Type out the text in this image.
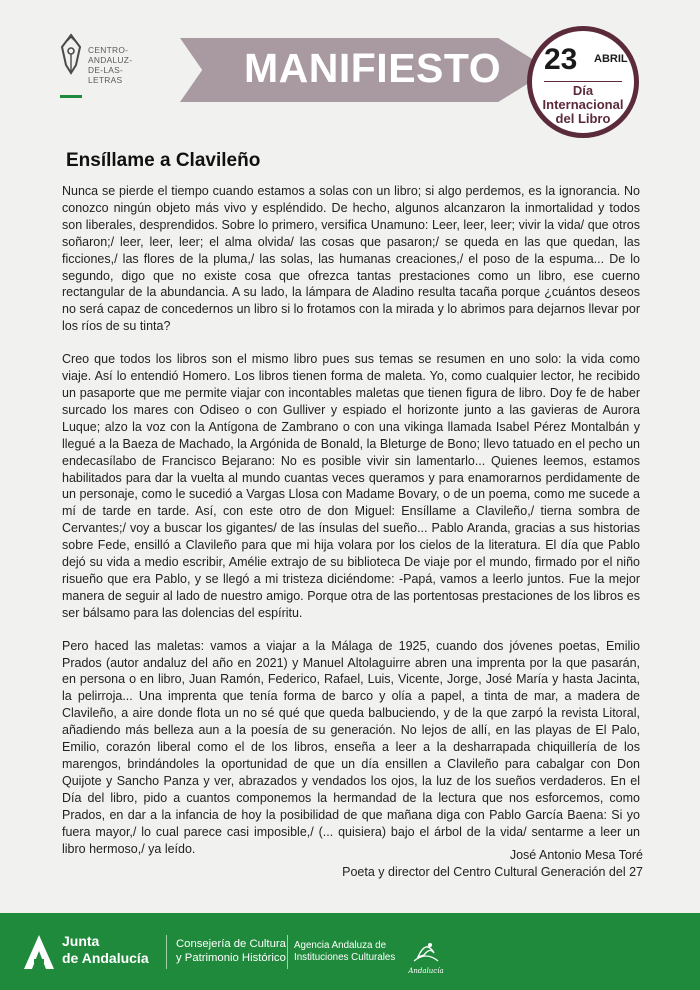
CENTRO-
ANDALUZ-
DE-LAS-
LETRAS	MANIFIESTO 23 ABRIL
Día Internacional del Libro
Ensíllame a Clavileño

Nunca se pierde el tiempo cuando estamos a solas con un libro; si algo perdemos, es la ignorancia. No conozco ningún objeto más vivo y espléndido. De hecho, algunos alcanzaron la inmortalidad y todos son liberales, desprendidos. Sobre lo primero, versifica Unamuno: Leer, leer, leer; vivir la vida/ que otros soñaron;/ leer, leer, leer; el alma olvida/ las cosas que pasaron;/ se queda en las que quedan, las ficciones,/ las flores de la pluma,/ las solas, las humanas creaciones,/ el poso de la espuma... De lo segundo, digo que no existe cosa que ofrezca tantas prestaciones como un libro, ese cuerno rectangular de la abundancia. A su lado, la lámpara de Aladino resulta tacaña porque ¿cuántos deseos no será capaz de concedernos un libro si lo frotamos con la mirada y lo abrimos para dejarnos llevar por los ríos de su tinta?

Creo que todos los libros son el mismo libro pues sus temas se resumen en uno solo: la vida como viaje. Así lo entendió Homero. Los libros tienen forma de maleta. Yo, como cualquier lector, he recibido un pasaporte que me permite viajar con incontables maletas que tienen figura de libro. Doy fe de haber surcado los mares con Odiseo o con Gulliver y espiado el horizonte junto a las gavieras de Aurora Luque; alzo la voz con la Antígona de Zambrano o con una vikinga llamada Isabel Pérez Montalbán y llegué a la Baeza de Machado, la Argónida de Bonald, la Bleturge de Bono; llevo tatuado en el pecho un endecasílabo de Francisco Bejarano: No es posible vivir sin lamentarlo... Quienes leemos, estamos habilitados para dar la vuelta al mundo cuantas veces queramos y para enamorarnos perdidamente de un personaje, como le sucedió a Vargas Llosa con Madame Bovary, o de un poema, como me sucede a mí de tarde en tarde. Así, con este otro de don Miguel: Ensíllame a Clavileño,/ tierna sombra de Cervantes;/ voy a buscar los gigantes/ de las ínsulas del sueño... Pablo Aranda, gracias a sus historias sobre Fede, ensilló a Clavileño para que mi hija volara por los cielos de la literatura. El día que Pablo dejó su vida a medio escribir, Amélie extrajo de su biblioteca De viaje por el mundo, firmado por el niño risueño que era Pablo, y se llegó a mi tristeza diciéndome: -Papá, vamos a leerlo juntos. Fue la mejor manera de seguir al lado de nuestro amigo. Porque otra de las portentosas prestaciones de los libros es ser bálsamo para las dolencias del espíritu.

Pero haced las maletas: vamos a viajar a la Málaga de 1925, cuando dos jóvenes poetas, Emilio Prados (autor andaluz del año en 2021) y Manuel Altolaguirre abren una imprenta por la que pasarán, en persona o en libro, Juan Ramón, Federico, Rafael, Luis, Vicente, Jorge, José María y hasta Jacinta, la pelirroja... Una imprenta que tenía forma de barco y olía a papel, a tinta de mar, a madera de Clavileño, a aire donde flota un no sé qué que queda balbuciendo, y de la que zarpó la revista Litoral, añadiendo más belleza aun a la poesía de su generación. No lejos de allí, en las playas de El Palo, Emilio, corazón liberal como el de los libros, enseña a leer a la desharrapada chiquillería de los marengos, brindándoles la oportunidad de que un día ensillen a Clavileño para cabalgar con Don Quijote y Sancho Panza y ver, abrazados y vendados los ojos, la luz de los sueños verdaderos. En el Día del libro, pido a cuantos componemos la hermandad de la lectura que nos esforcemos, como Prados, en dar a la infancia de hoy la posibilidad de que mañana diga con Pablo García Baena: Si yo fuera mayor,/ lo cual parece casi imposible,/ (... quisiera) bajo el árbol de la vida/ sentarme a leer un libro hermoso,/ ya leído.	José Antonio Mesa Toré
Poeta y director del Centro Cultural Generación del 27
Junta
de Andalucía
Consejería de Cultura
y Patrimonio Histórico
Agencia Andaluza de
Instituciones Culturales
Andalucía
